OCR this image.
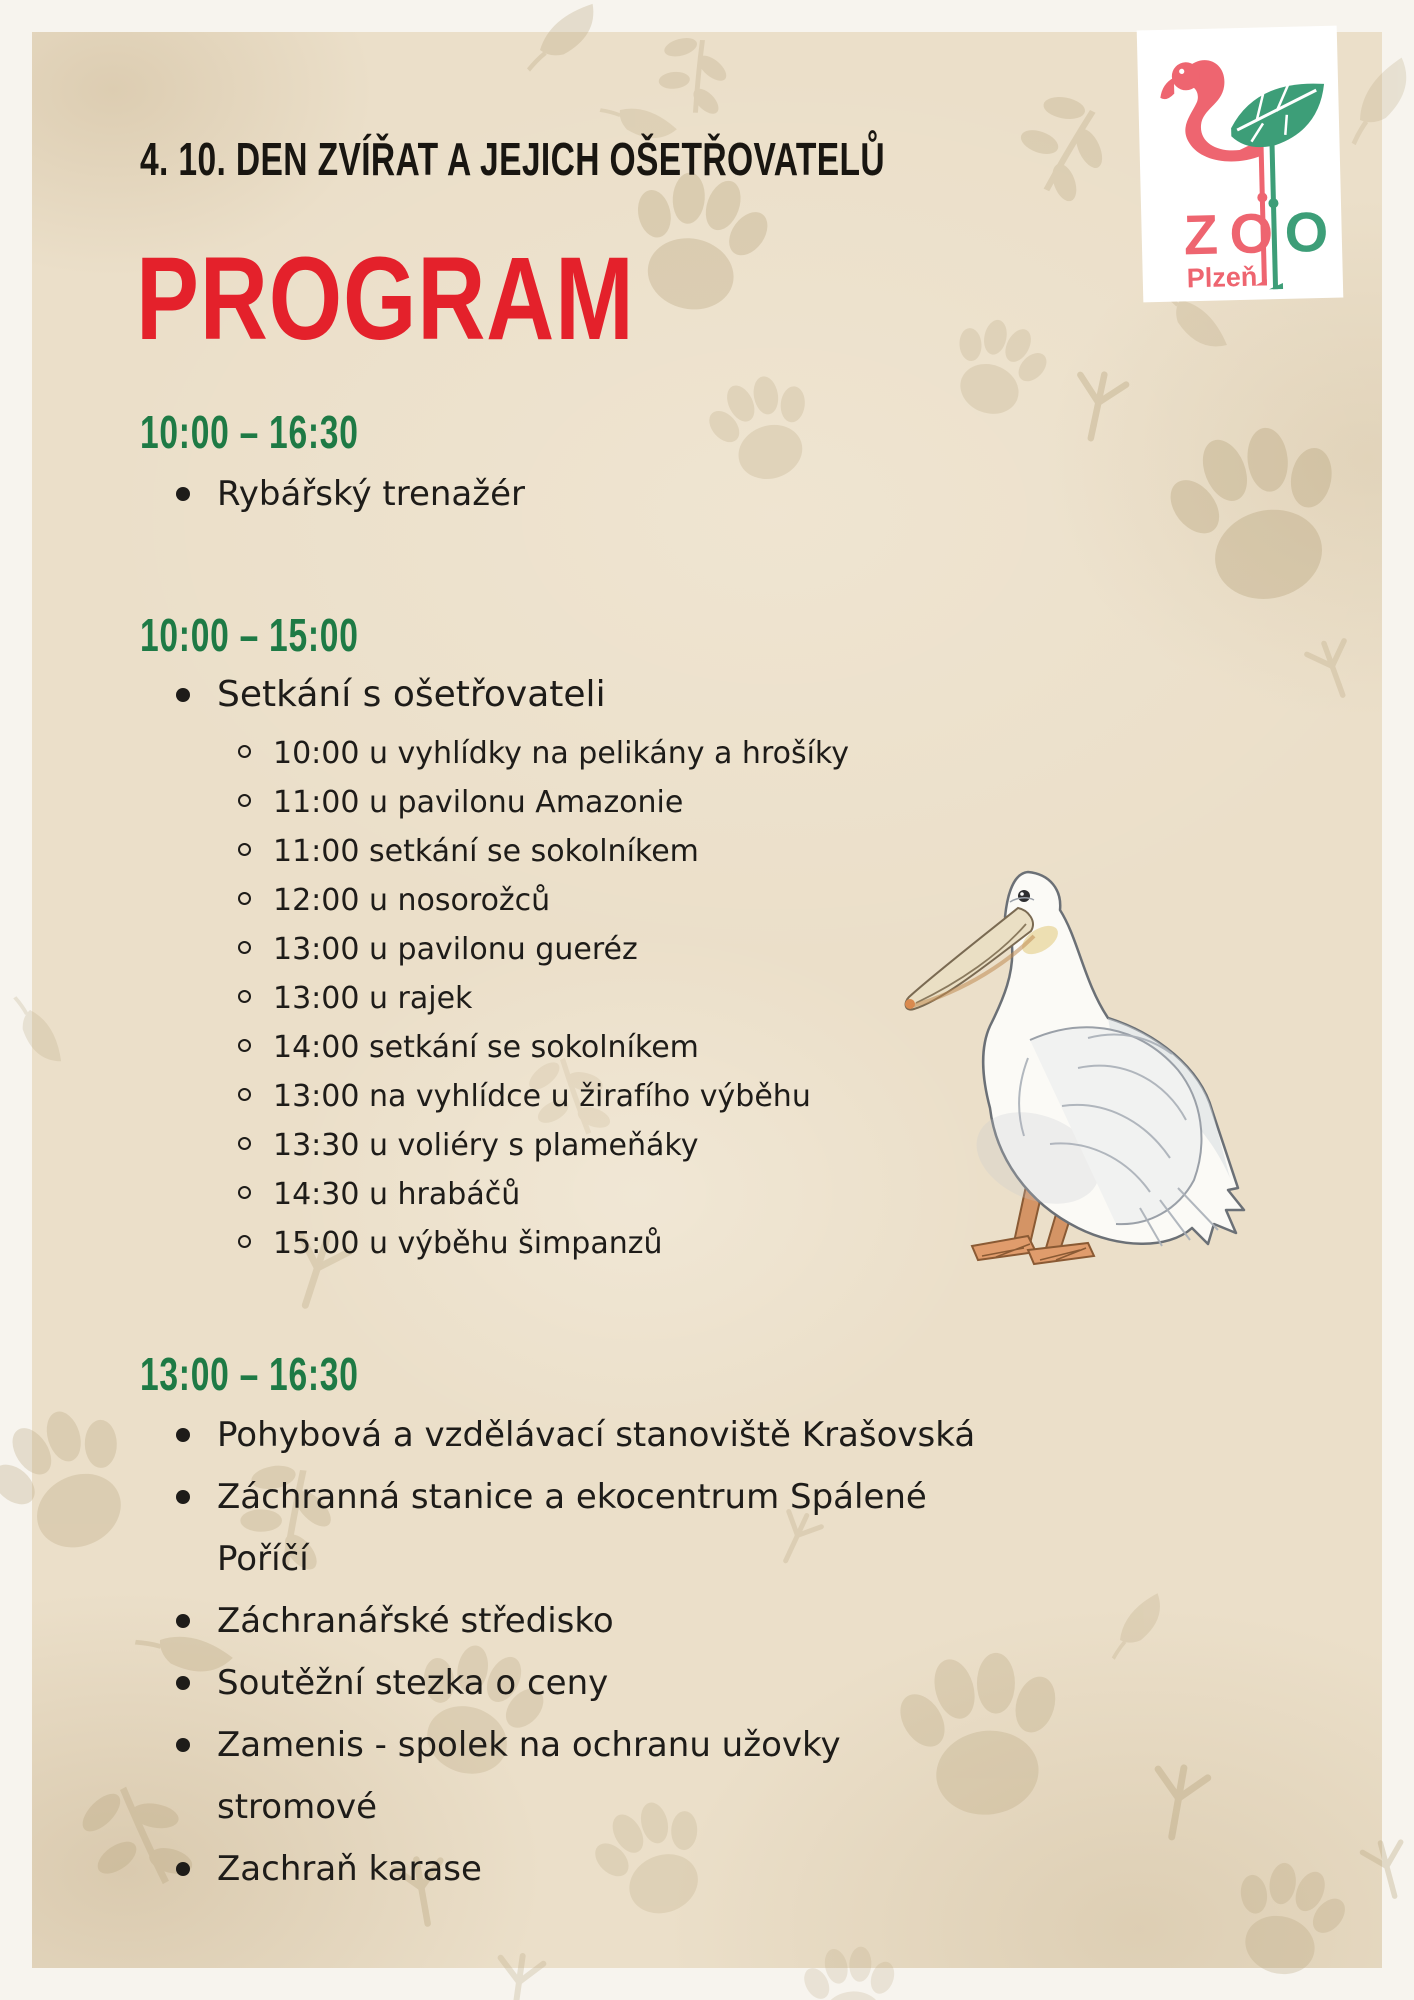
Z O O
Plzeň
4. 10. DEN ZVÍŘAT A JEJICH OŠETŘOVATELŮ
PROGRAM
10:00 – 16:30
Rybářský trenažér
10:00 – 15:00
Setkání s ošetřovateli
10:00 u vyhlídky na pelikány a hrošíky
11:00 u pavilonu Amazonie
11:00 setkání se sokolníkem
12:00 u nosorožců
13:00 u pavilonu gueréz
13:00 u rajek
14:00 setkání se sokolníkem
13:00 na vyhlídce u žirafího výběhu
13:30 u voliéry s plameňáky
14:30 u hrabáčů
15:00 u výběhu šimpanzů
13:00 – 16:30
Pohybová a vzdělávací stanoviště Krašovská
Záchranná stanice a ekocentrum Spálené Poříčí
Záchranářské středisko
Soutěžní stezka o ceny
Zamenis - spolek na ochranu užovky stromové
Zachraň karase
